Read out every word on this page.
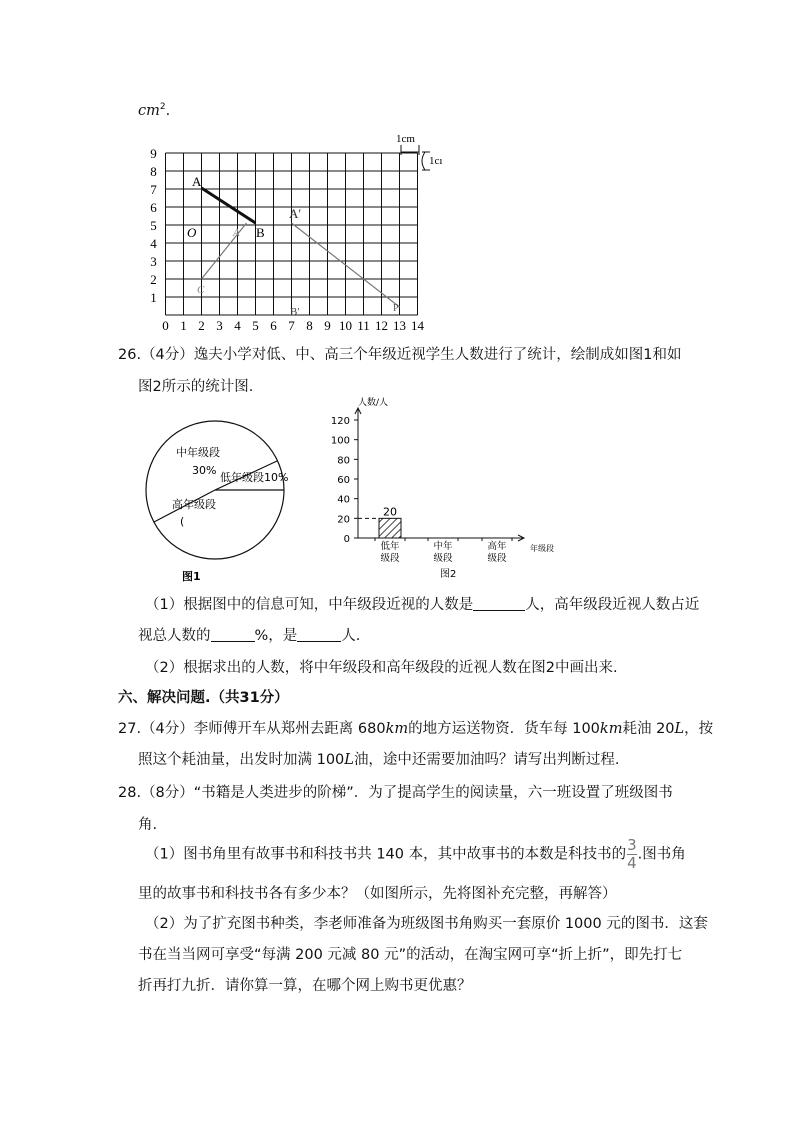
$cm^2$.
0 1 2 3 4 5 6 7 8 9 10 11 12 13 14
1
2
3
4
5
6
7
8
9
A
O	B
A′
B′
A
C
P
1cm
1cı
26.（4分）逸夫小学对低、中、高三个年级近视学生人数进行了统计，绘制成如图1和如
图2所示的统计图.
中年级段
30%
低年级段10%
高年级段
(
图1
0
20
40
60
80
100
120
20
低年
级段
中年
级段
高年
级段
人数/人
年级段
图2
（1）根据图中的信息可知，中年级段近视的人数是	人，高年级段近视人数占近
视总人数的	%，是	人.
（2）根据求出的人数，将中年级段和高年级段的近视人数在图2中画出来.
六、解决问题.（共31分）
27.（4分）李师傅开车从郑州去距离 680km的地方运送物资．货车每 100km耗油 20L，按
照这个耗油量，出发时加满 100L油，途中还需要加油吗？请写出判断过程.
28.（8分）“书籍是人类进步的阶梯”．为了提高学生的阅读量，六一班设置了班级图书
角.
（1）图书角里有故事书和科技书共 140 本，其中故事书的本数是科技书的 $\frac{3}{4}$ .图书角
里的故事书和科技书各有多少本？（如图所示，先将图补充完整，再解答）
（2）为了扩充图书种类，李老师准备为班级图书角购买一套原价 1000 元的图书．这套
书在当当网可享受“每满 200 元减 80 元”的活动，在淘宝网可享“折上折”，即先打七
折再打九折．请你算一算，在哪个网上购书更优惠？
